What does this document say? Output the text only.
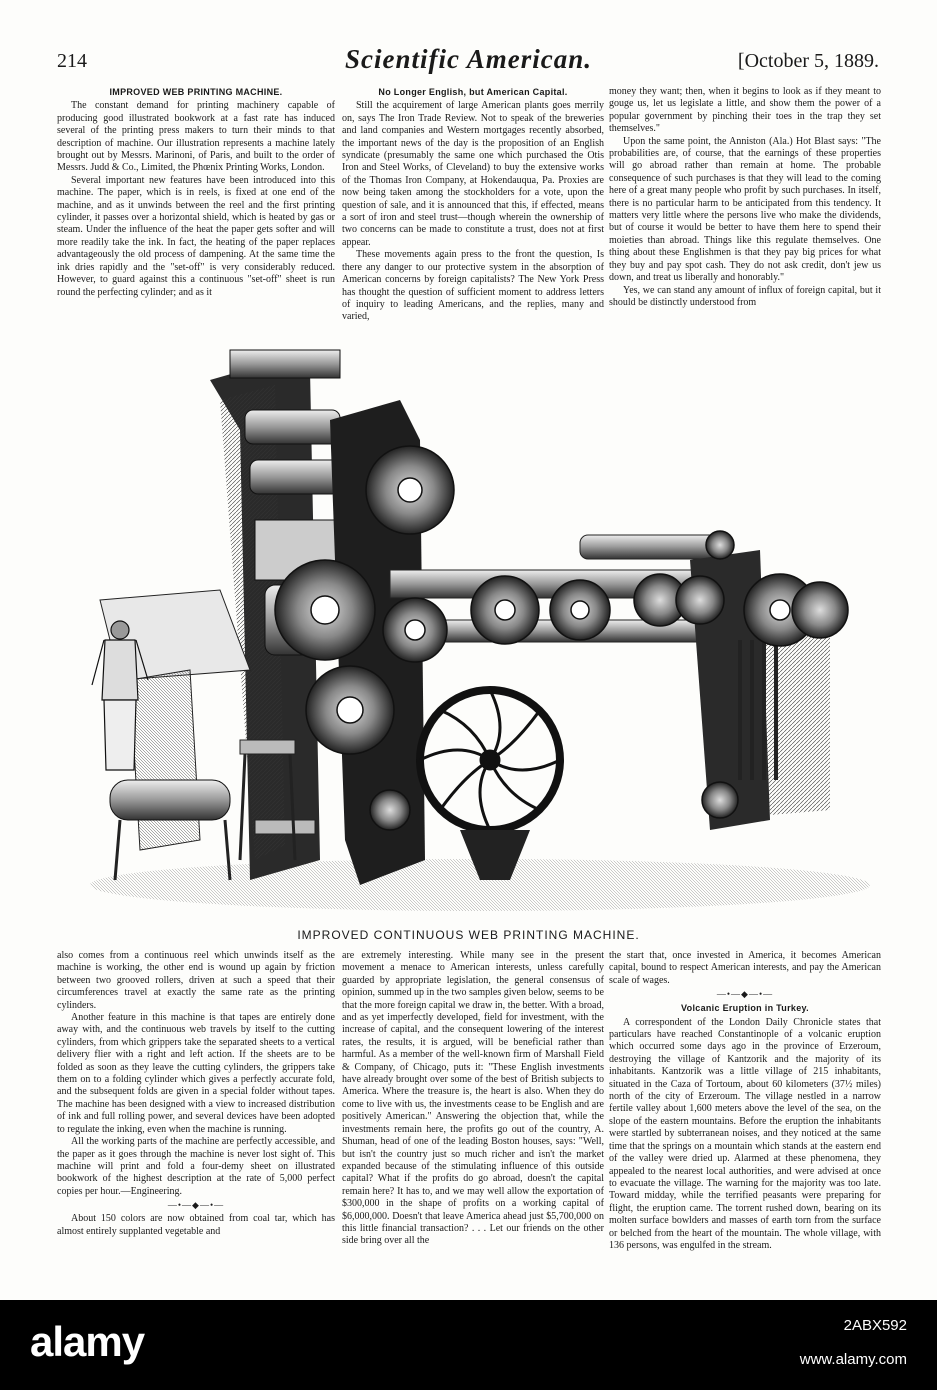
214	Scientific American.	[October 5, 1889.
IMPROVED WEB PRINTING MACHINE.

The constant demand for printing machinery capable of producing good illustrated bookwork at a fast rate has induced several of the printing press makers to turn their minds to that description of machine. Our illustration represents a machine lately brought out by Messrs. Marinoni, of Paris, and built to the order of Messrs. Judd & Co., Limited, the Phœnix Printing Works, London.

Several important new features have been introduced into this machine. The paper, which is in reels, is fixed at one end of the machine, and as it unwinds between the reel and the first printing cylinder, it passes over a horizontal shield, which is heated by gas or steam. Under the influence of the heat the paper gets softer and will more readily take the ink. In fact, the heating of the paper replaces advantageously the old process of dampening. At the same time the ink dries rapidly and the "set-off" is very considerably reduced. However, to guard against this a continuous "set-off" sheet is run round the perfecting cylinder; and as it

No Longer English, but American Capital.

Still the acquirement of large American plants goes merrily on, says The Iron Trade Review. Not to speak of the breweries and land companies and Western mortgages recently absorbed, the important news of the day is the proposition of an English syndicate (presumably the same one which purchased the Otis Iron and Steel Works, of Cleveland) to buy the extensive works of the Thomas Iron Company, at Hokendauqua, Pa. Proxies are now being taken among the stockholders for a vote, upon the question of sale, and it is announced that this, if effected, means a sort of iron and steel trust—though wherein the ownership of two concerns can be made to constitute a trust, does not at first appear.

These movements again press to the front the question, Is there any danger to our protective system in the absorption of American concerns by foreign capitalists? The New York Press has thought the question of sufficient moment to address letters of inquiry to leading Americans, and the replies, many and varied,

money they want; then, when it begins to look as if they meant to gouge us, let us legislate a little, and show them the power of a popular government by pinching their toes in the trap they set themselves."

Upon the same point, the Anniston (Ala.) Hot Blast says: "The probabilities are, of course, that the earnings of these properties will go abroad rather than remain at home. The probable consequence of such purchases is that they will lead to the coming here of a great many people who profit by such purchases. In itself, there is no particular harm to be anticipated from this tendency. It matters very little where the persons live who make the dividends, but of course it would be better to have them here to spend their moieties than abroad. Things like this regulate themselves. One thing about these Englishmen is that they pay big prices for what they buy and pay spot cash. They do not ask credit, don't jew us down, and treat us liberally and honorably."

Yes, we can stand any amount of influx of foreign capital, but it should be distinctly understood from

IMPROVED CONTINUOUS WEB PRINTING MACHINE.

also comes from a continuous reel which unwinds itself as the machine is working, the other end is wound up again by friction between two grooved rollers, driven at such a speed that their circumferences travel at exactly the same rate as the printing cylinders.

Another feature in this machine is that tapes are entirely done away with, and the continuous web travels by itself to the cutting cylinders, from which grippers take the separated sheets to a vertical delivery flier with a right and left action. If the sheets are to be folded as soon as they leave the cutting cylinders, the grippers take them on to a folding cylinder which gives a perfectly accurate fold, and the subsequent folds are given in a special folder without tapes. The machine has been designed with a view to increased distribution of ink and full rolling power, and several devices have been adopted to regulate the inking, even when the machine is running.

All the working parts of the machine are perfectly accessible, and the paper as it goes through the machine is never lost sight of. This machine will print and fold a four-demy sheet on illustrated bookwork of the highest description at the rate of 5,000 perfect copies per hour.—Engineering.

—•—◆—•—

About 150 colors are now obtained from coal tar, which has almost entirely supplanted vegetable and

are extremely interesting. While many see in the present movement a menace to American interests, unless carefully guarded by appropriate legislation, the general consensus of opinion, summed up in the two samples given below, seems to be that the more foreign capital we draw in, the better. With a broad, and as yet imperfectly developed, field for investment, with the increase of capital, and the consequent lowering of the interest rates, the results, it is argued, will be beneficial rather than harmful. As a member of the well-known firm of Marshall Field & Company, of Chicago, puts it: "These English investments have already brought over some of the best of British subjects to America. Where the treasure is, the heart is also. When they do come to live with us, the investments cease to be English and are positively American." Answering the objection that, while the investments remain here, the profits go out of the country, A. Shuman, head of one of the leading Boston houses, says: "Well, but isn't the country just so much richer and isn't the market expanded because of the stimulating influence of this outside capital? What if the profits do go abroad, doesn't the capital remain here? It has to, and we may well allow the exportation of $300,000 in the shape of profits on a working capital of $6,000,000. Doesn't that leave America ahead just $5,700,000 on this little financial transaction? . . . Let our friends on the other side bring over all the

the start that, once invested in America, it becomes American capital, bound to respect American interests, and pay the American scale of wages.

—•—◆—•—
Volcanic Eruption in Turkey.

A correspondent of the London Daily Chronicle states that particulars have reached Constantinople of a volcanic eruption which occurred some days ago in the province of Erzeroum, destroying the village of Kantzorik and the majority of its inhabitants. Kantzorik was a little village of 215 inhabitants, situated in the Caza of Tortoum, about 60 kilometers (37½ miles) north of the city of Erzeroum. The village nestled in a narrow fertile valley about 1,600 meters above the level of the sea, on the slope of the eastern mountains. Before the eruption the inhabitants were startled by subterranean noises, and they noticed at the same time that the springs on a mountain which stands at the eastern end of the valley were dried up. Alarmed at these phenomena, they appealed to the nearest local authorities, and were advised at once to evacuate the village. The warning for the majority was too late. Toward midday, while the terrified peasants were preparing for flight, the eruption came. The torrent rushed down, bearing on its molten surface bowlders and masses of earth torn from the surface or belched from the heart of the mountain. The whole village, with 136 persons, was engulfed in the stream.

alamy	2ABX592
www.alamy.com
